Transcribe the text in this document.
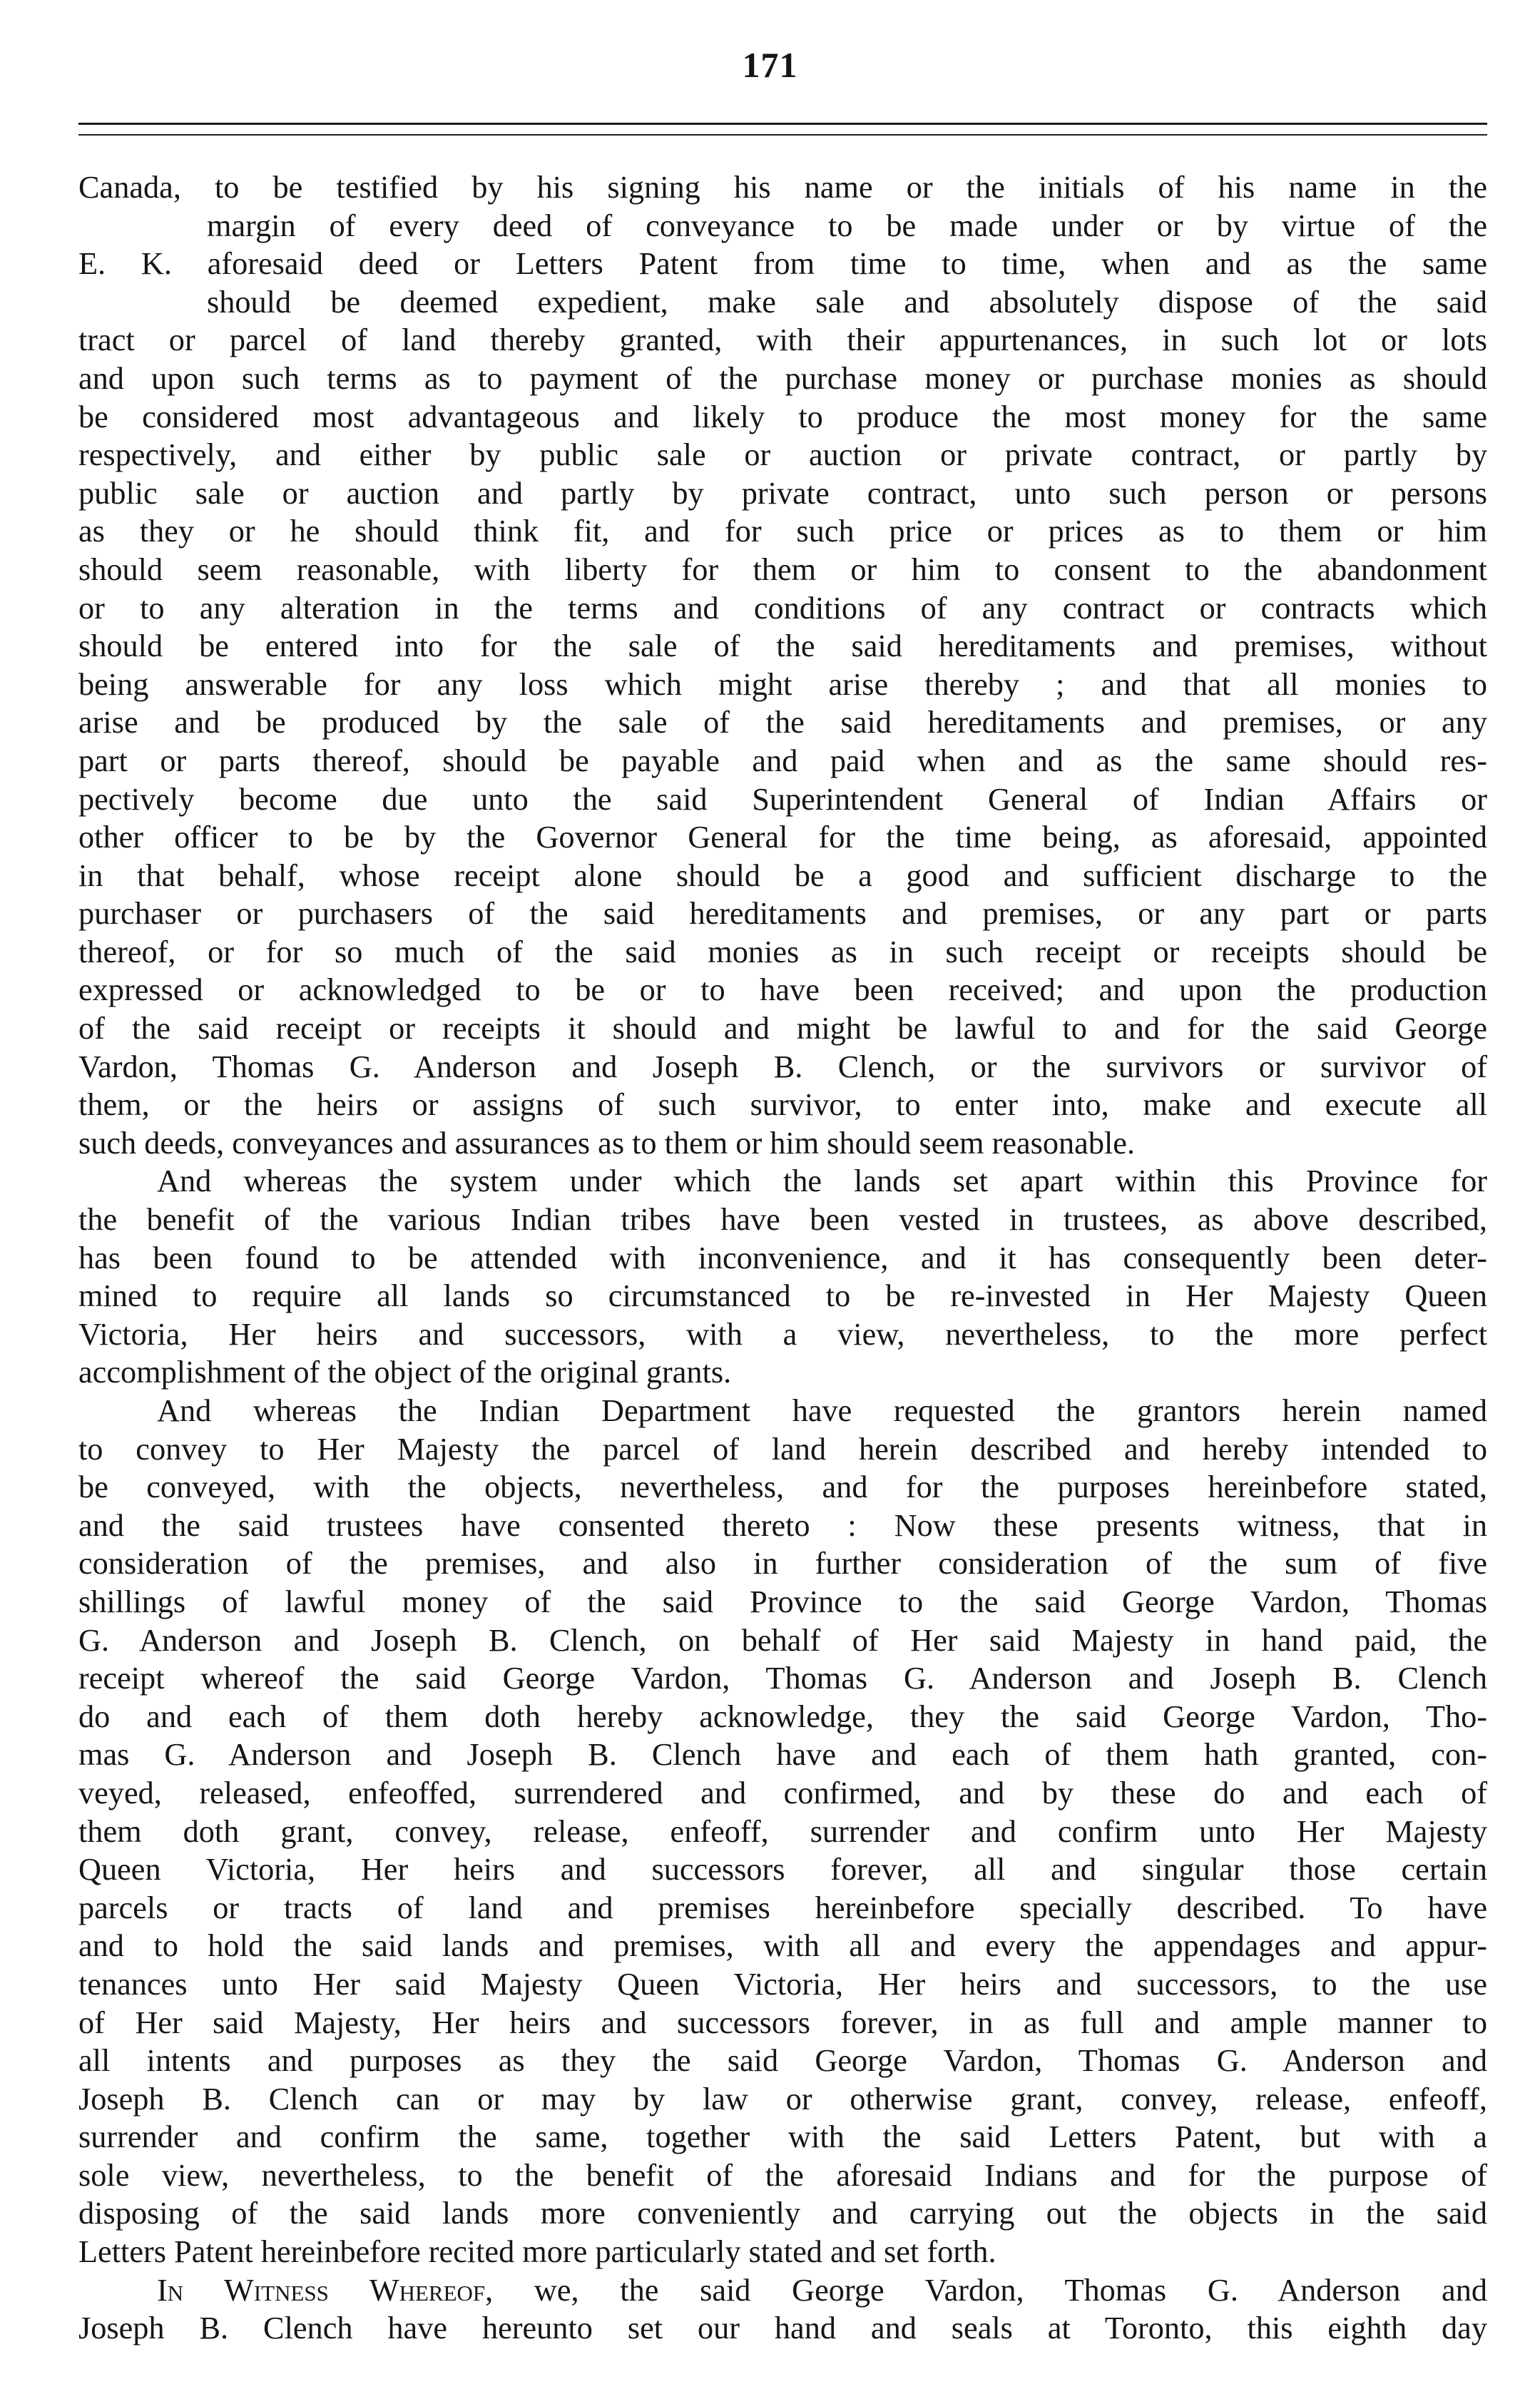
171
Canada, to be testified by his signing his name or the initials of his name in the
margin of every deed of conveyance to be made under or by virtue of the
E. K. aforesaid deed or Letters Patent from time to time, when and as the same
should be deemed expedient, make sale and absolutely dispose of the said
tract or parcel of land thereby granted, with their appurtenances, in such lot or lots
and upon such terms as to payment of the purchase money or purchase monies as should
be considered most advantageous and likely to produce the most money for the same
respectively, and either by public sale or auction or private contract, or partly by
public sale or auction and partly by private contract, unto such person or persons
as they or he should think fit, and for such price or prices as to them or him
should seem reasonable, with liberty for them or him to consent to the abandonment
or to any alteration in the terms and conditions of any contract or contracts which
should be entered into for the sale of the said hereditaments and premises, without
being answerable for any loss which might arise thereby ; and that all monies to
arise and be produced by the sale of the said hereditaments and premises, or any
part or parts thereof, should be payable and paid when and as the same should res-
pectively become due unto the said Superintendent General of Indian Affairs or
other officer to be by the Governor General for the time being, as aforesaid, appointed
in that behalf, whose receipt alone should be a good and sufficient discharge to the
purchaser or purchasers of the said hereditaments and premises, or any part or parts
thereof, or for so much of the said monies as in such receipt or receipts should be
expressed or acknowledged to be or to have been received; and upon the production
of the said receipt or receipts it should and might be lawful to and for the said George
Vardon, Thomas G. Anderson and Joseph B. Clench, or the survivors or survivor of
them, or the heirs or assigns of such survivor, to enter into, make and execute all
such deeds, conveyances and assurances as to them or him should seem reasonable.
And whereas the system under which the lands set apart within this Province for
the benefit of the various Indian tribes have been vested in trustees, as above described,
has been found to be attended with inconvenience, and it has consequently been deter-
mined to require all lands so circumstanced to be re-invested in Her Majesty Queen
Victoria, Her heirs and successors, with a view, nevertheless, to the more perfect
accomplishment of the object of the original grants.
And whereas the Indian Department have requested the grantors herein named
to convey to Her Majesty the parcel of land herein described and hereby intended to
be conveyed, with the objects, nevertheless, and for the purposes hereinbefore stated,
and the said trustees have consented thereto : Now these presents witness, that in
consideration of the premises, and also in further consideration of the sum of five
shillings of lawful money of the said Province to the said George Vardon, Thomas
G. Anderson and Joseph B. Clench, on behalf of Her said Majesty in hand paid, the
receipt whereof the said George Vardon, Thomas G. Anderson and Joseph B. Clench
do and each of them doth hereby acknowledge, they the said George Vardon, Tho-
mas G. Anderson and Joseph B. Clench have and each of them hath granted, con-
veyed, released, enfeoffed, surrendered and confirmed, and by these do and each of
them doth grant, convey, release, enfeoff, surrender and confirm unto Her Majesty
Queen Victoria, Her heirs and successors forever, all and singular those certain
parcels or tracts of land and premises hereinbefore specially described. To have
and to hold the said lands and premises, with all and every the appendages and appur-
tenances unto Her said Majesty Queen Victoria, Her heirs and successors, to the use
of Her said Majesty, Her heirs and successors forever, in as full and ample manner to
all intents and purposes as they the said George Vardon, Thomas G. Anderson and
Joseph B. Clench can or may by law or otherwise grant, convey, release, enfeoff,
surrender and confirm the same, together with the said Letters Patent, but with a
sole view, nevertheless, to the benefit of the aforesaid Indians and for the purpose of
disposing of the said lands more conveniently and carrying out the objects in the said
Letters Patent hereinbefore recited more particularly stated and set forth.
In Witness Whereof, we, the said George Vardon, Thomas G. Anderson and
Joseph B. Clench have hereunto set our hand and seals at Toronto, this eighth day
